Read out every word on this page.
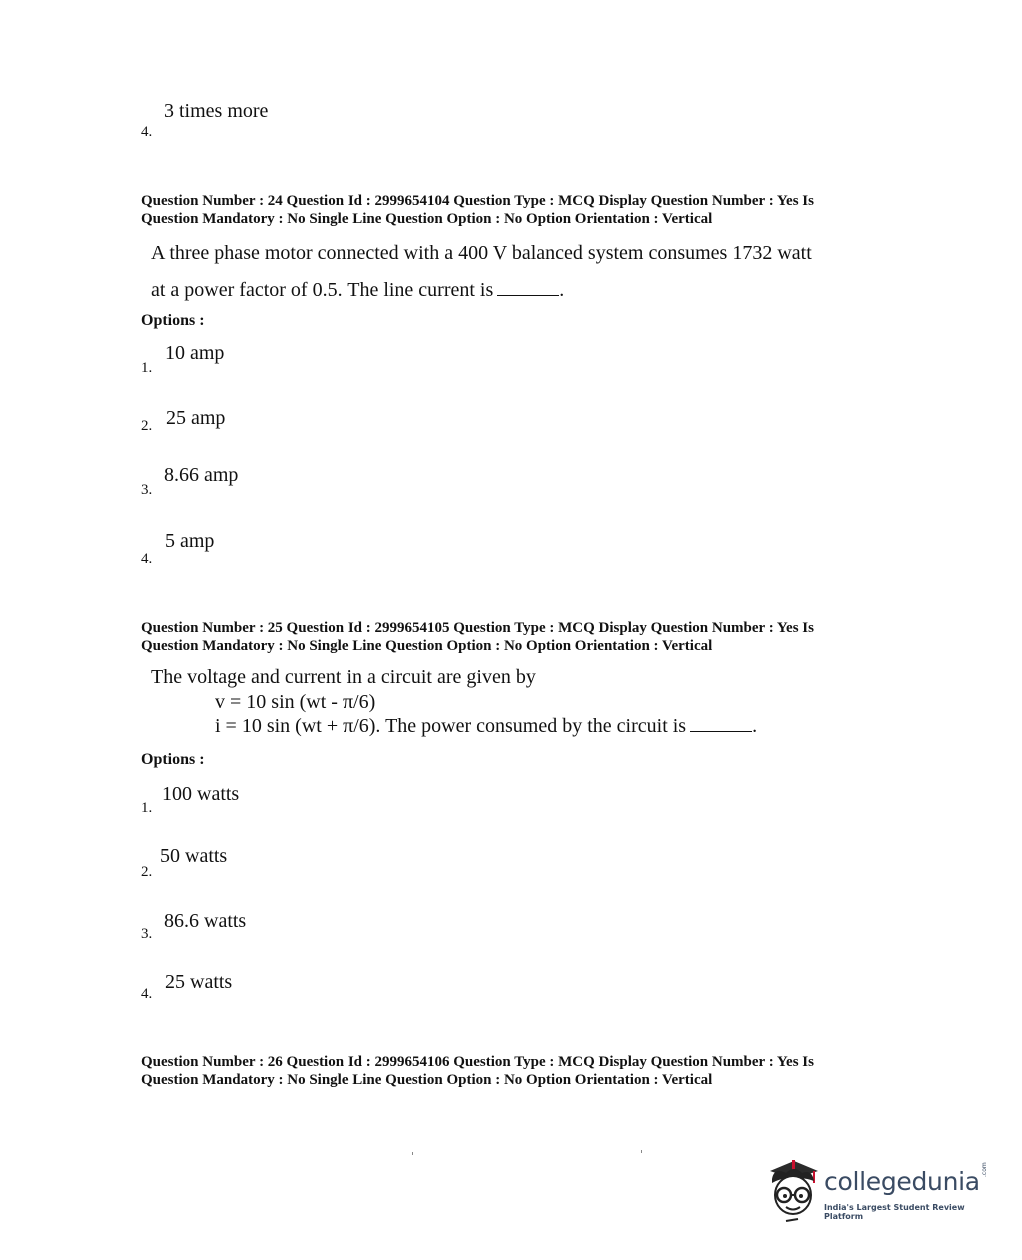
3 times more
4.
Question Number : 24 Question Id : 2999654104 Question Type : MCQ Display Question Number : Yes Is
Question Mandatory : No Single Line Question Option : No Option Orientation : Vertical
A three phase motor connected with a 400 V balanced system consumes 1732 watt
at a power factor of 0.5. The line current is	.
Options :
10 amp
1.
2. 25 amp
8.66 amp
3.
5 amp
4.
Question Number : 25 Question Id : 2999654105 Question Type : MCQ Display Question Number : Yes Is
Question Mandatory : No Single Line Question Option : No Option Orientation : Vertical
The voltage and current in a circuit are given by
v = 10 sin (wt - π/6)
i = 10 sin (wt + π/6). The power consumed by the circuit is	.
Options :
100 watts
1.
50 watts
2.
3.
86.6 watts
4.
25 watts
Question Number : 26 Question Id : 2999654106 Question Type : MCQ Display Question Number : Yes Is
Question Mandatory : No Single Line Question Option : No Option Orientation : Vertical
collegedunia .com
India's Largest Student Review Platform
